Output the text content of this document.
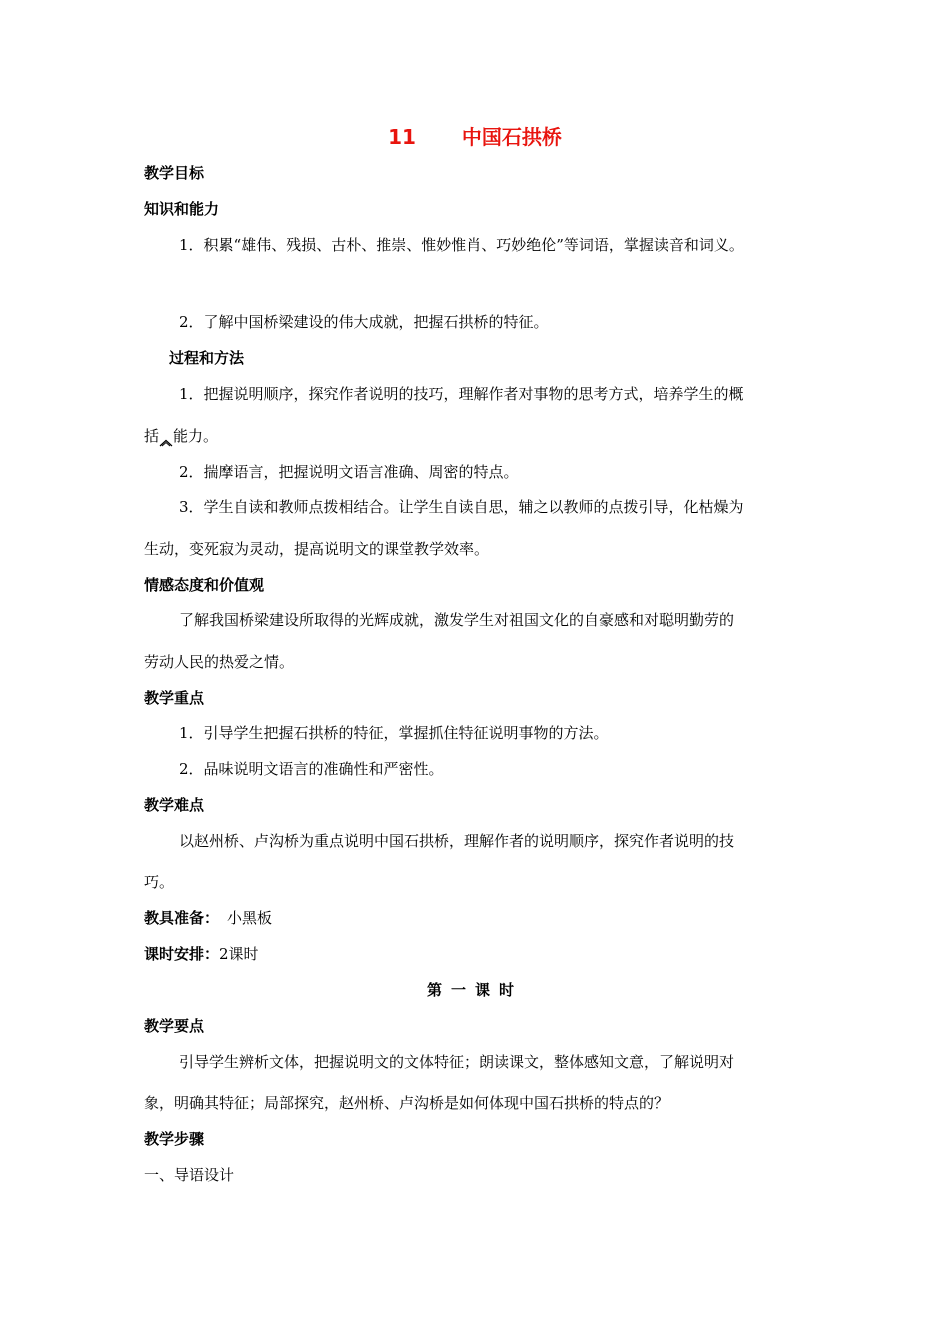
11 中国石拱桥

教学目标

知识和能力

1．积累“雄伟、残损、古朴、推崇、惟妙惟肖、巧妙绝伦”等词语，掌握读音和词义。

2．了解中国桥梁建设的伟大成就，把握石拱桥的特征。

过程和方法

1．把握说明顺序，探究作者说明的技巧，理解作者对事物的思考方式，培养学生的概

括 能力。

2．揣摩语言，把握说明文语言准确、周密的特点。

3．学生自读和教师点拨相结合。让学生自读自思，辅之以教师的点拨引导，化枯燥为

生动，变死寂为灵动，提高说明文的课堂教学效率。

情感态度和价值观

了解我国桥梁建设所取得的光辉成就，激发学生对祖国文化的自豪感和对聪明勤劳的

劳动人民的热爱之情。

教学重点

1．引导学生把握石拱桥的特征，掌握抓住特征说明事物的方法。

2．品味说明文语言的准确性和严密性。

教学难点

以赵州桥、卢沟桥为重点说明中国石拱桥，理解作者的说明顺序，探究作者说明的技

巧。

教具准备： 小黑板

课时安排：2课时

第一课时

教学要点

引导学生辨析文体，把握说明文的文体特征；朗读课文，整体感知文意，了解说明对

象，明确其特征；局部探究，赵州桥、卢沟桥是如何体现中国石拱桥的特点的？

教学步骤

一、导语设计
